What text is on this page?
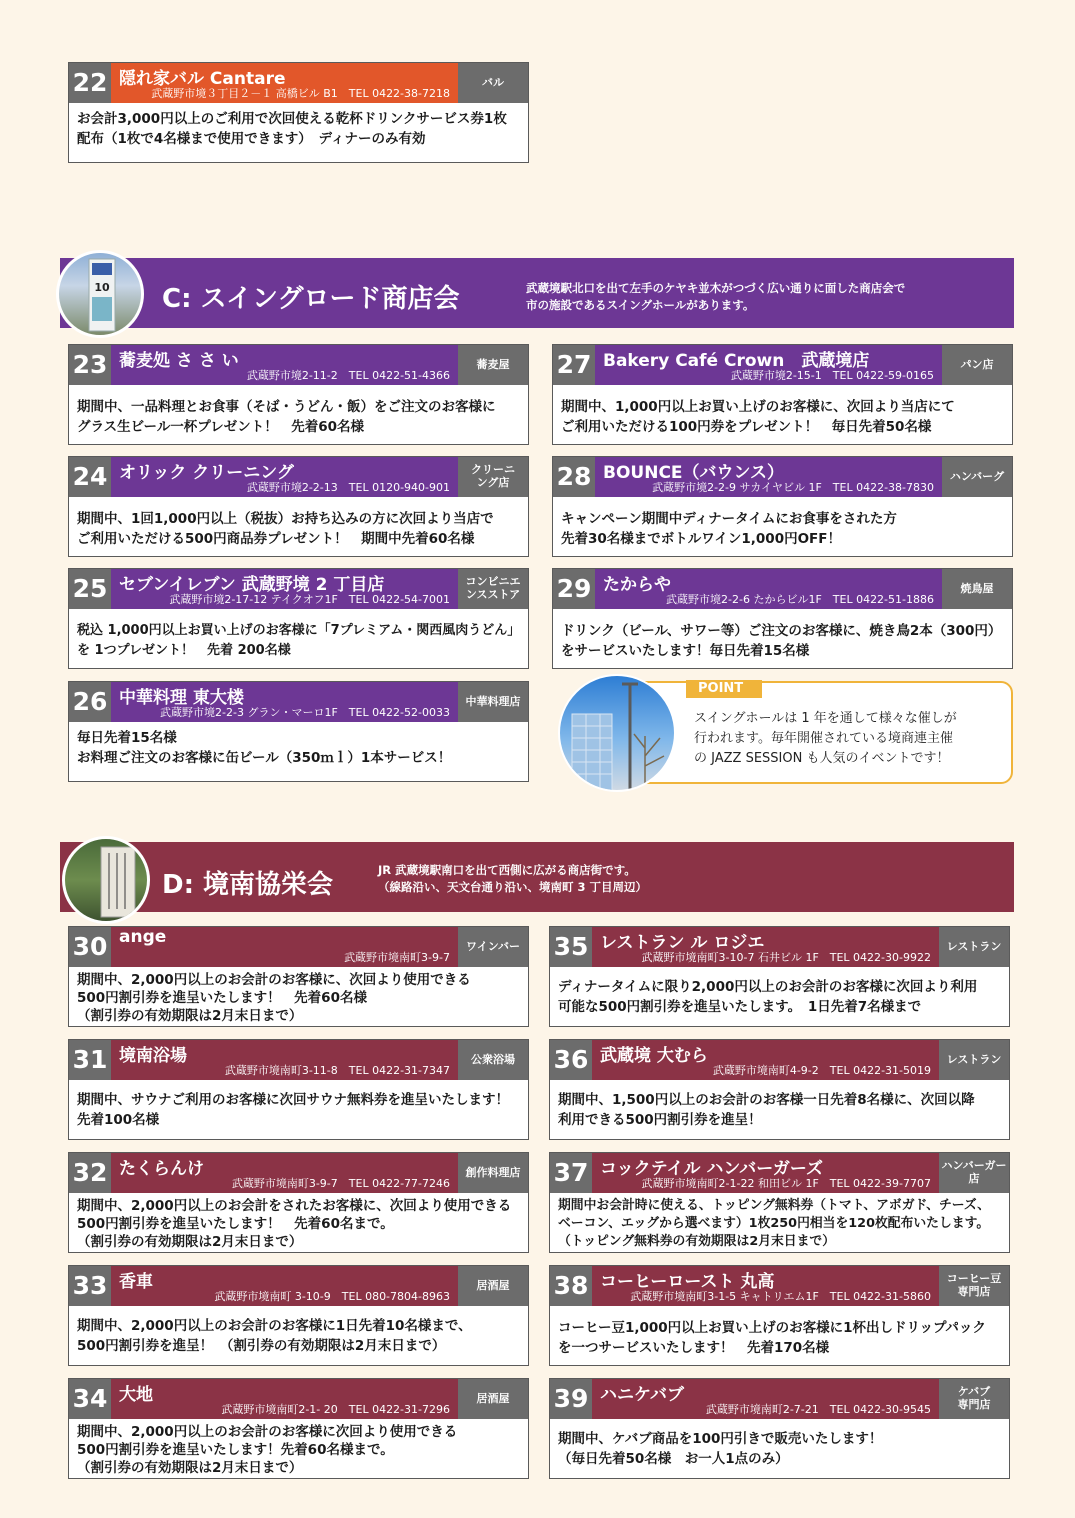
22 隠れ家バル Cantare
武蔵野市境３丁目２－１ 高橋ビル B1　TEL 0422-38-7218
バル
お会計3,000円以上のご利用で次回使える乾杯ドリンクサービス券1枚
配布（1枚で4名様まで使用できます）　ディナーのみ有効
10 C: スイングロード商店会	武蔵境駅北口を出て左手のケヤキ並木がつづく広い通りに面した商店会で
市の施設であるスイングホールがあります。
23 蕎麦処 さ さ い
武蔵野市境2-11-2　TEL 0422-51-4366
蕎麦屋
期間中、一品料理とお食事（そば・うどん・飯）をご注文のお客様に
グラス生ビール一杯プレゼント！　先着60名様
24 オリック クリーニング
武蔵野市境2-2-13　TEL 0120-940-901
クリーニ
ング店
期間中、1回1,000円以上（税抜）お持ち込みの方に次回より当店で
ご利用いただける500円商品券プレゼント！　期間中先着60名様
25 セブンイレブン 武蔵野境 2 丁目店
武蔵野市境2-17-12 テイクオフ1F　TEL 0422-54-7001
コンビニエ
ンスストア
税込 1,000円以上お買い上げのお客様に「7プレミアム・関西風肉うどん」
を 1つプレゼント！　先着 200名様
26 中華料理 東大楼
武蔵野市境2-2-3 グラン・マーロ1F　TEL 0422-52-0033
中華料理店
毎日先着15名様
お料理ご注文のお客様に缶ビール（350ｍｌ）1本サービス！
27 Bakery Café Crown　武蔵境店
武蔵野市境2-15-1　TEL 0422-59-0165
パン店
期間中、1,000円以上お買い上げのお客様に、次回より当店にて
ご利用いただける100円券をプレゼント！　毎日先着50名様
28 BOUNCE（バウンス）
武蔵野市境2-2-9 サカイヤビル 1F　TEL 0422-38-7830
ハンバーグ
キャンペーン期間中ディナータイムにお食事をされた方
先着30名様までボトルワイン1,000円OFF！
29 たからや
武蔵野市境2-2-6 たからビル1F　TEL 0422-51-1886
焼鳥屋
ドリンク（ビール、サワー等）ご注文のお客様に、焼き鳥2本（300円）
をサービスいたします！毎日先着15名様
POINT
スイングホールは 1 年を通して様々な催しが
行われます。毎年開催されている境商連主催
の JAZZ SESSION も人気のイベントです！
D: 境南協栄会	JR 武蔵境駅南口を出て西側に広がる商店街です。
（線路沿い、天文台通り沿い、境南町 3 丁目周辺）
30 ange
武蔵野市境南町3-9-7
ワインバー
期間中、2,000円以上のお会計のお客様に、次回より使用できる
500円割引券を進呈いたします！　先着60名様
（割引券の有効期限は2月末日まで）
31 境南浴場
武蔵野市境南町3-11-8　TEL 0422-31-7347
公衆浴場
期間中、サウナご利用のお客様に次回サウナ無料券を進呈いたします！
先着100名様
32 たくらんけ
武蔵野市境南町3-9-7　TEL 0422-77-7246
創作料理店
期間中、2,000円以上のお会計をされたお客様に、次回より使用できる
500円割引券を進呈いたします！　先着60名まで。
（割引券の有効期限は2月末日まで）
33 香車
武蔵野市境南町 3-10-9　TEL 080-7804-8963
居酒屋
期間中、2,000円以上のお会計のお客様に1日先着10名様まで、
500円割引券を進呈！　（割引券の有効期限は2月末日まで）
34 大地
武蔵野市境南町2-1- 20　TEL 0422-31-7296
居酒屋
期間中、2,000円以上のお会計のお客様に次回より使用できる
500円割引券を進呈いたします！先着60名様まで。
（割引券の有効期限は2月末日まで）
35 レストラン ル ロジエ
武蔵野市境南町3-10-7 石井ビル 1F　TEL 0422-30-9922
レストラン
ディナータイムに限り2,000円以上のお会計のお客様に次回より利用
可能な500円割引券を進呈いたします。　1日先着7名様まで
36 武蔵境 大むら
武蔵野市境南町4-9-2　TEL 0422-31-5019
レストラン
期間中、1,500円以上のお会計のお客様一日先着8名様に、次回以降
利用できる500円割引券を進呈！
37 コックテイル ハンバーガーズ
武蔵野市境南町2-1-22 和田ビル 1F　TEL 0422-39-7707
ハンバーガー
店
期間中お会計時に使える、トッピング無料券（トマト、アボガド、チーズ、
ベーコン、エッグから選べます）1枚250円相当を120枚配布いたします。
（トッピング無料券の有効期限は2月末日まで）
38 コーヒーロースト 丸高
武蔵野市境南町3-1-5 キャトリエム1F　TEL 0422-31-5860
コーヒー豆
専門店
コーヒー豆1,000円以上お買い上げのお客様に1杯出しドリップパック
を一つサービスいたします！　先着170名様
39 ハニケバブ
武蔵野市境南町2-7-21　TEL 0422-30-9545
ケバブ
専門店
期間中、ケバブ商品を100円引きで販売いたします！
（毎日先着50名様　お一人1点のみ）
